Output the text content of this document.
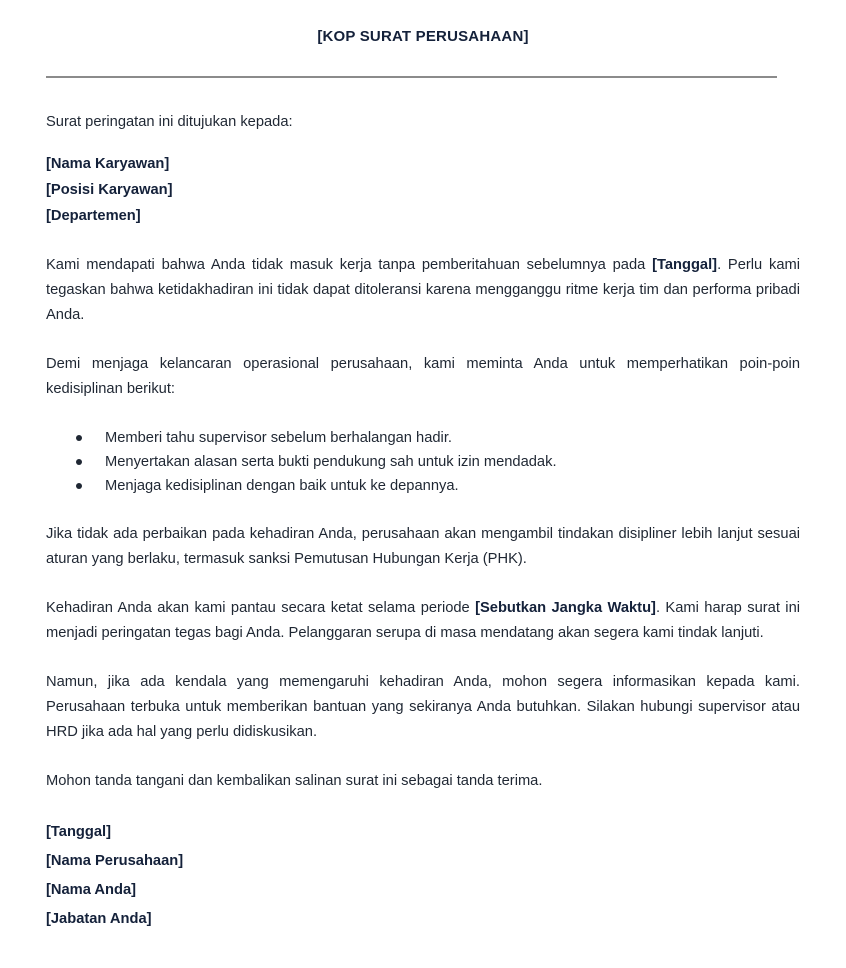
[KOP SURAT PERUSAHAAN]

Surat peringatan ini ditujukan kepada:

[Nama Karyawan]
[Posisi Karyawan]
[Departemen]

Kami mendapati bahwa Anda tidak masuk kerja tanpa pemberitahuan sebelumnya pada [Tanggal]. Perlu kami tegaskan bahwa ketidakhadiran ini tidak dapat ditoleransi karena mengganggu ritme kerja tim dan performa pribadi Anda.

Demi menjaga kelancaran operasional perusahaan, kami meminta Anda untuk memperhatikan poin-poin kedisiplinan berikut:

Memberi tahu supervisor sebelum berhalangan hadir.
Menyertakan alasan serta bukti pendukung sah untuk izin mendadak.
Menjaga kedisiplinan dengan baik untuk ke depannya.

Jika tidak ada perbaikan pada kehadiran Anda, perusahaan akan mengambil tindakan disipliner lebih lanjut sesuai aturan yang berlaku, termasuk sanksi Pemutusan Hubungan Kerja (PHK).

Kehadiran Anda akan kami pantau secara ketat selama periode [Sebutkan Jangka Waktu]. Kami harap surat ini menjadi peringatan tegas bagi Anda. Pelanggaran serupa di masa mendatang akan segera kami tindak lanjuti.

Namun, jika ada kendala yang memengaruhi kehadiran Anda, mohon segera informasikan kepada kami. Perusahaan terbuka untuk memberikan bantuan yang sekiranya Anda butuhkan. Silakan hubungi supervisor atau HRD jika ada hal yang perlu didiskusikan.

Mohon tanda tangani dan kembalikan salinan surat ini sebagai tanda terima.

[Tanggal]
[Nama Perusahaan]
[Nama Anda]
[Jabatan Anda]
